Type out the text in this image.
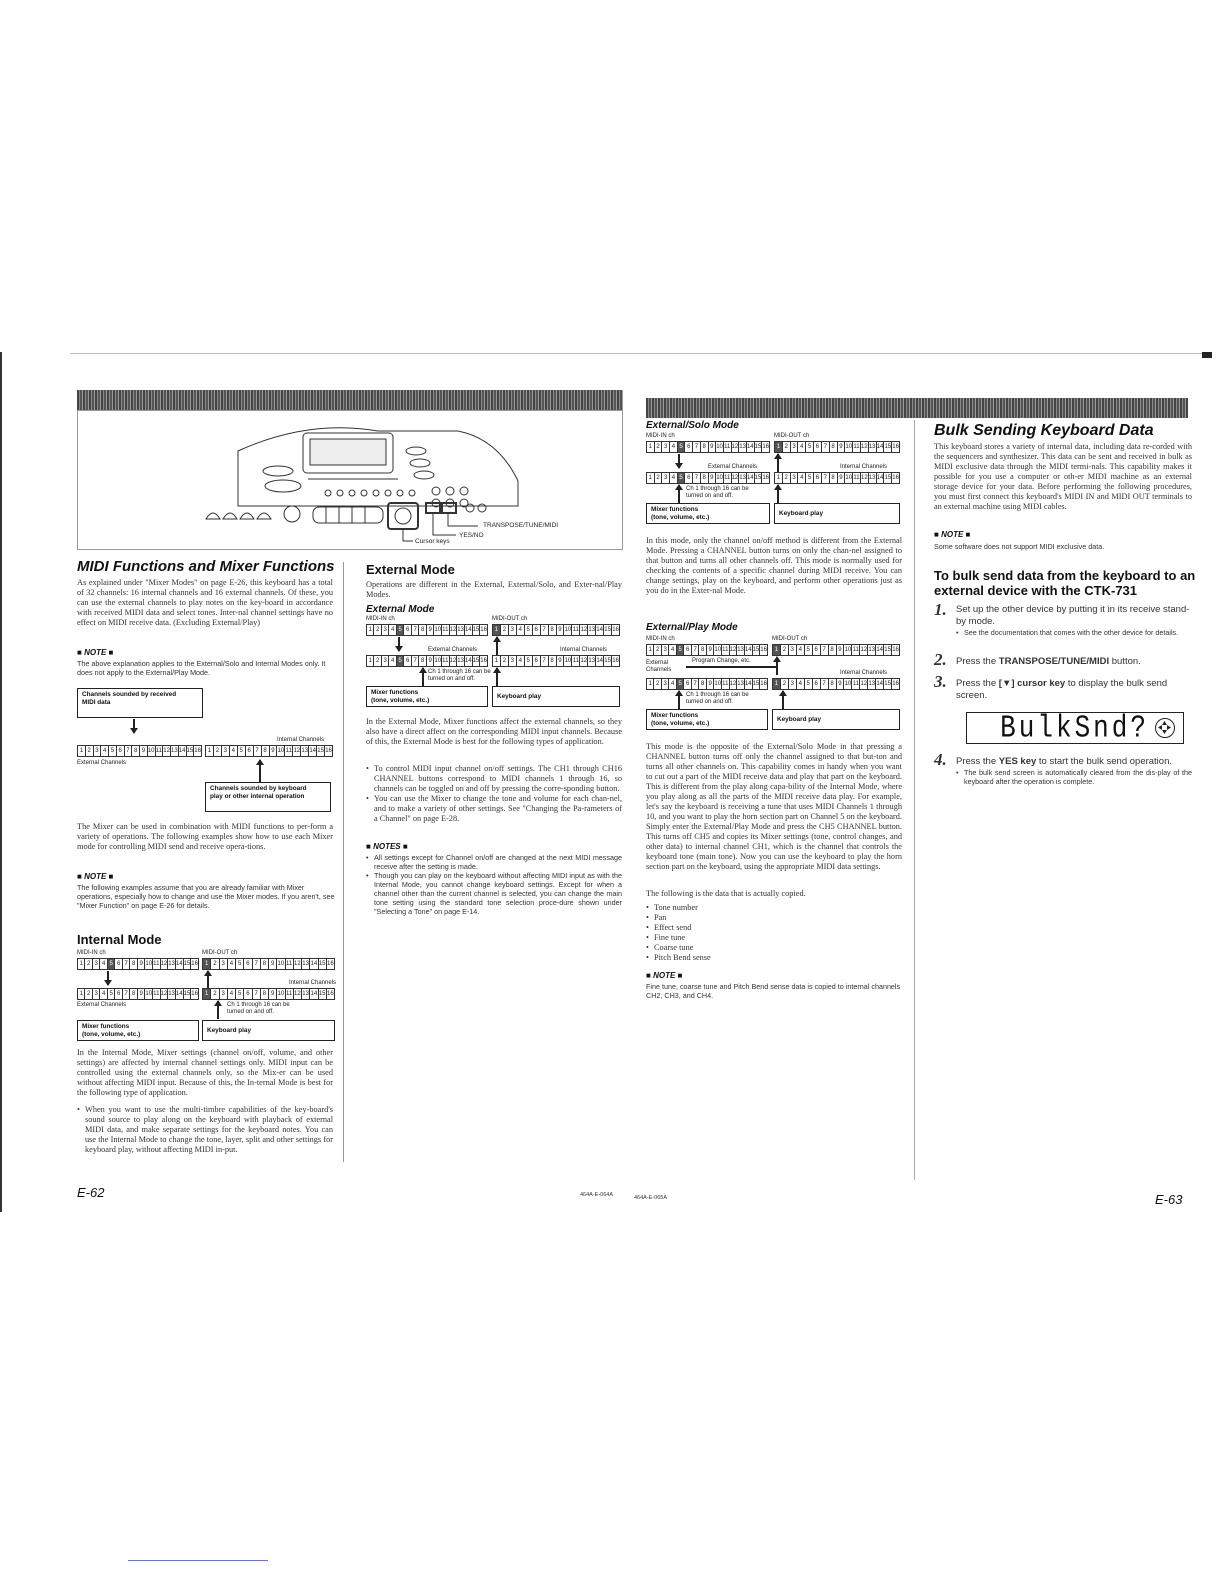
TRANSPOSE/TUNE/MIDI
YES/NO
Cursor keys
MIDI Functions and Mixer Functions
As explained under "Mixer Modes" on page E-26, this keyboard has a total of 32 channels: 16 internal channels and 16 external channels. Of these, you can use the external channels to play notes on the key-board in accordance with received MIDI data and select tones. Inter-nal channel settings have no effect on MIDI receive data. (Excluding External/Play)
■ NOTE ■
The above explanation applies to the External/Solo and Internal Modes only. It does not apply to the External/Play Mode.
Channels sounded by received
MIDI data
Internal Channels
1 2 3 4 5 6 7 8 9 10 11 12 13 14 15 16 1 2 3 4 5 6 7 8 9 10 11 12 13 14 15 16
External Channels
Channels sounded by keyboard
play or other internal operation
The Mixer can be used in combination with MIDI functions to per-form a variety of operations. The following examples show how to use each Mixer mode for controlling MIDI send and receive opera-tions.
■ NOTE ■
The following examples assume that you are already familiar with Mixer operations, especially how to change and use the Mixer modes. If you aren't, see "Mixer Function" on page E-26 for details.
Internal Mode
MIDI-IN ch	MIDI-OUT ch
1 2 3 4 5 6 7 8 9 10 11 12 13 14 15 16	1 2 3 4 5 6 7 8 9 10 11 12 13 14 15 16
Internal Channels
1 2 3 4 5 6 7 8 9 10 11 12 13 14 15 16	1 2 3 4 5 6 7 8 9 10 11 12 13 14 15 16
External Channels	Ch 1 through 16 can be
turned on and off.
Mixer functions
(tone, volume, etc.)
Keyboard play
In the Internal Mode, Mixer settings (channel on/off, volume, and other settings) are affected by internal channel settings only. MIDI input can be controlled using the external channels only, so the Mix-er can be used without affecting MIDI input. Because of this, the In-ternal Mode is best for the following type of application.
• When you want to use the multi-timbre capabilities of the key-board's sound source to play along on the keyboard with playback of external MIDI data, and make separate settings for the keyboard notes. You can use the Internal Mode to change the tone, layer, split and other settings for keyboard play, without affecting MIDI in-put.
E-62
External Mode
Operations are different in the External, External/Solo, and Exter-nal/Play Modes.
External Mode
MIDI-IN ch	MIDI-OUT ch
1 2 3 4 5 6 7 8 9 10 11 12 13 14 15 16 1 2 3 4 5 6 7 8 9 10 11 12 13 14 15 16
External Channels	Internal Channels
1 2 3 4 5 6 7 8 9 10 11 12 13 14 15 16 1 2 3 4 5 6 7 8 9 10 11 12 13 14 15 16
Ch 1 through 16 can be
turned on and off.
Mixer functions
(tone, volume, etc.)
Keyboard play
In the External Mode, Mixer functions affect the external channels, so they also have a direct affect on the corresponding MIDI input channels. Because of this, the External Mode is best for the following types of application.
• To control MIDI input channel on/off settings. The CH1 through CH16 CHANNEL buttons correspond to MIDI channels 1 through 16, so channels can be toggled on and off by pressing the corre-sponding button.
• You can use the Mixer to change the tone and volume for each chan-nel, and to make a variety of other settings. See "Changing the Pa-rameters of a Channel" on page E-28.
■ NOTES ■
• All settings except for Channel on/off are changed at the next MIDI message receive after the setting is made.
• Though you can play on the keyboard without affecting MIDI input as with the Internal Mode, you cannot change keyboard settings. Except for when a channel other than the current channel is selected, you can change the main tone setting using the standard tone selection proce-dure shown under "Selecting a Tone" on page E-14.
464A-E-064A	464A-E-065A
External/Solo Mode
MIDI-IN ch	MIDI-OUT ch
1 2 3 4 5 6 7 8 9 10 11 12 13 14 15 16 1 2 3 4 5 6 7 8 9 10 11 12 13 14 15 16
External Channels	Internal Channels
1 2 3 4 5 6 7 8 9 10 11 12 13 14 15 16 1 2 3 4 5 6 7 8 9 10 11 12 13 14 15 16
Ch 1 through 16 can be
turned on and off.
Mixer functions
(tone, volume, etc.)
Keyboard play
In this mode, only the channel on/off method is different from the External Mode. Pressing a CHANNEL button turns on only the chan-nel assigned to that button and turns all other channels off. This mode is normally used for checking the contents of a specific channel during MIDI receive. You can change settings, play on the keyboard, and perform other operations just as you do in the Exter-nal Mode.
External/Play Mode
MIDI-IN ch	MIDI-OUT ch
1 2 3 4 5 6 7 8 9 10 11 12 13 14 15 16 1 2 3 4 5 6 7 8 9 10 11 12 13 14 15 16
External
Channels
Program Change, etc.
Internal Channels
1 2 3 4 5 6 7 8 9 10 11 12 13 14 15 16 1 2 3 4 5 6 7 8 9 10 11 12 13 14 15 16
Ch 1 through 16 can be
turned on and off.
Mixer functions
(tone, volume, etc.)
Keyboard play
This mode is the opposite of the External/Solo Mode in that pressing a CHANNEL button turns off only the channel assigned to that but-ton and turns all other channels on. This capability comes in handy when you want to cut out a part of the MIDI receive data and play that part on the keyboard. This is different from the play along capa-bility of the Internal Mode, where you play along as all the parts of the MIDI receive data play. For example, let's say the keyboard is receiving a tune that uses MIDI Channels 1 through 10, and you want to play the horn section part on Channel 5 on the keyboard. Simply enter the External/Play Mode and press the CH5 CHANNEL button. This turns off CH5 and copies its Mixer settings (tone, control changes, and other data) to internal channel CH1, which is the channel that controls the keyboard tone (main tone). Now you can use the keyboard to play the horn section part on the keyboard, using the appropriate MIDI data settings.
The following is the data that is actually copied.
• Tone number
• Pan
• Effect send
• Fine tune
• Coarse tune
• Pitch Bend sense
■ NOTE ■
Fine tune, coarse tune and Pitch Bend sense data is copied to internal channels CH2, CH3, and CH4.
Bulk Sending Keyboard Data
This keyboard stores a variety of internal data, including data re-corded with the sequencers and synthesizer. This data can be sent and received in bulk as MIDI exclusive data through the MIDI termi-nals. This capability makes it possible for you use a computer or oth-er MIDI machine as an external storage device for your data. Before performing the following procedures, you must first connect this keyboard's MIDI IN and MIDI OUT terminals to an external machine using MIDI cables.
■ NOTE ■
Some software does not support MIDI exclusive data.
To bulk send data from the keyboard to an external device with the CTK-731
1. Set up the other device by putting it in its receive stand-by mode.
• See the documentation that comes with the other device for details.
2. Press the TRANSPOSE/TUNE/MIDI button.
3. Press the [▼] cursor key to display the bulk send screen.
BulkSnd?
4. Press the YES key to start the bulk send operation.
• The bulk send screen is automatically cleared from the dis-play of the keyboard after the operation is complete.
E-63
